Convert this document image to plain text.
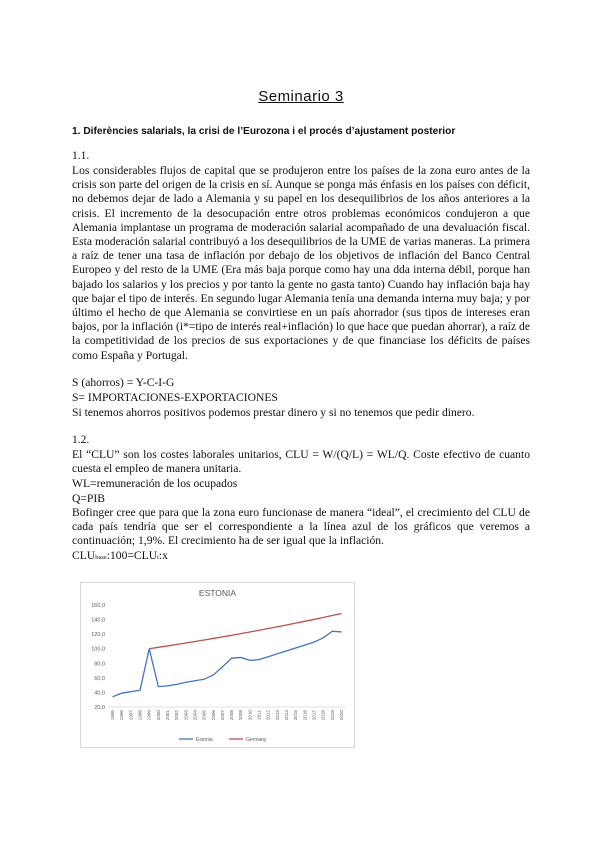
Seminario 3
1. Diferències salarials, la crisi de l’Eurozona i el procés d’ajustament posterior
1.1.
Los considerables flujos de capital que se produjeron entre los países de la zona euro antes de la crisis son parte del origen de la crisis en sí. Aunque se ponga más énfasis en los países con déficit, no debemos dejar de lado a Alemania y su papel en los desequilibrios de los años anteriores a la crisis. El incremento de la desocupación entre otros problemas económicos condujeron a que Alemania implantase un programa de moderación salarial acompañado de una devaluación fiscal. Esta moderación salarial contribuyó a los desequilibrios de la UME de varias maneras. La primera a raíz de tener una tasa de inflación por debajo de los objetivos de inflación del Banco Central Europeo y del resto de la UME (Era más baja porque como hay una dda interna débil, porque han bajado los salarios y los precios y por tanto la gente no gasta tanto) Cuando hay inflación baja hay que bajar el tipo de interés. En segundo lugar Alemania tenía una demanda interna muy baja; y por último el hecho de que Alemania se convirtiese en un país ahorrador (sus tipos de intereses eran bajos, por la inflación (i*=tipo de interés real+inflación) lo que hace que puedan ahorrar), a raíz de la competitividad de los precios de sus exportaciones y de que financiase los déficits de países como España y Portugal.
S (ahorros) = Y-C-I-G
S= IMPORTACIONES-EXPORTACIONES
Si tenemos ahorros positivos podemos prestar dinero y si no tenemos que pedir dinero.
1.2.
El “CLU” son los costes laborales unitarios, CLU = W/(Q/L) = WL/Q. Coste efectivo de cuanto cuesta el empleo de manera unitaria.
WL=remuneración de los ocupados
Q=PIB
Bofinger cree que para que la zona euro funcionase de manera “ideal”, el crecimiento del CLU de cada país tendría que ser el correspondiente a la línea azul de los gráficos que veremos a continuación; 1,9%. El crecimiento ha de ser igual que la inflación.
CLUbase:100=CLUt:x
ESTONIA
20,0
40,0
60,0
80,0
100,0
120,0
140,0
160,0
1995 1996 1997 1998 1999 2000 2001 2002 2003 2004 2005 2006 2007 2008 2009 2010 2011 2012 2013 2014 2015 2016 2017 2018 2019 2020
Estonia	Germany
